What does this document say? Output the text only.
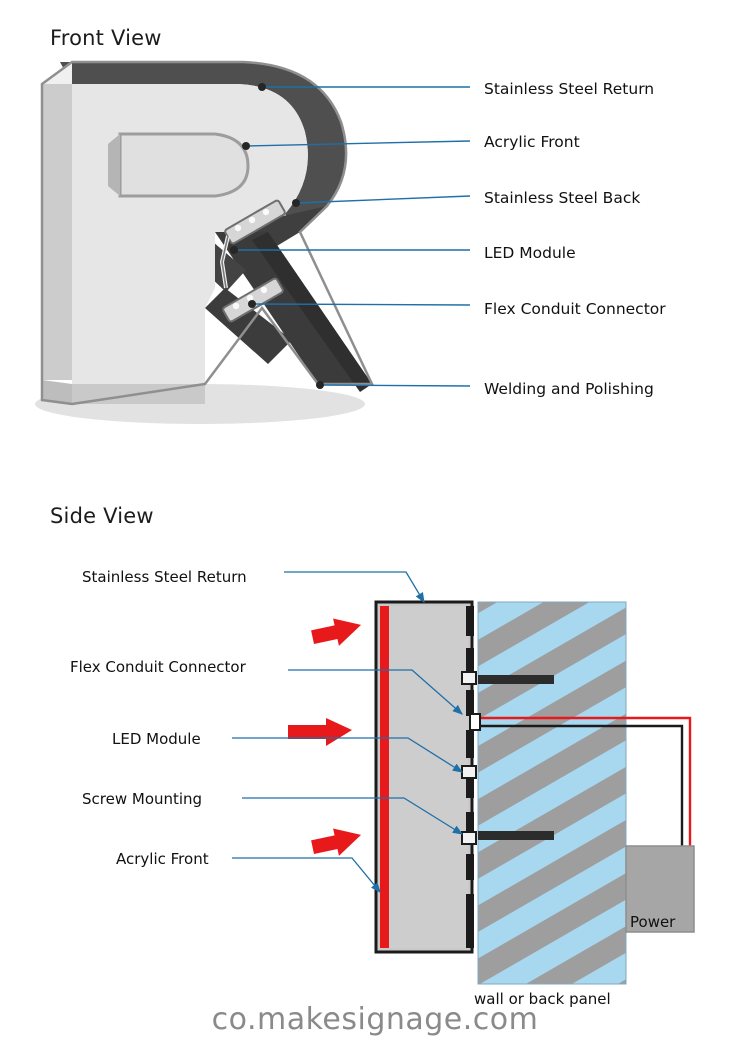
Front View
Stainless Steel Return
Acrylic Front
Stainless Steel Back
LED Module
Flex Conduit Connector
Welding and Polishing
Side View
Stainless Steel Return
Flex Conduit Connector
LED Module
Screw Mounting
Acrylic Front
Power
wall or back panel
co.makesignage.com
